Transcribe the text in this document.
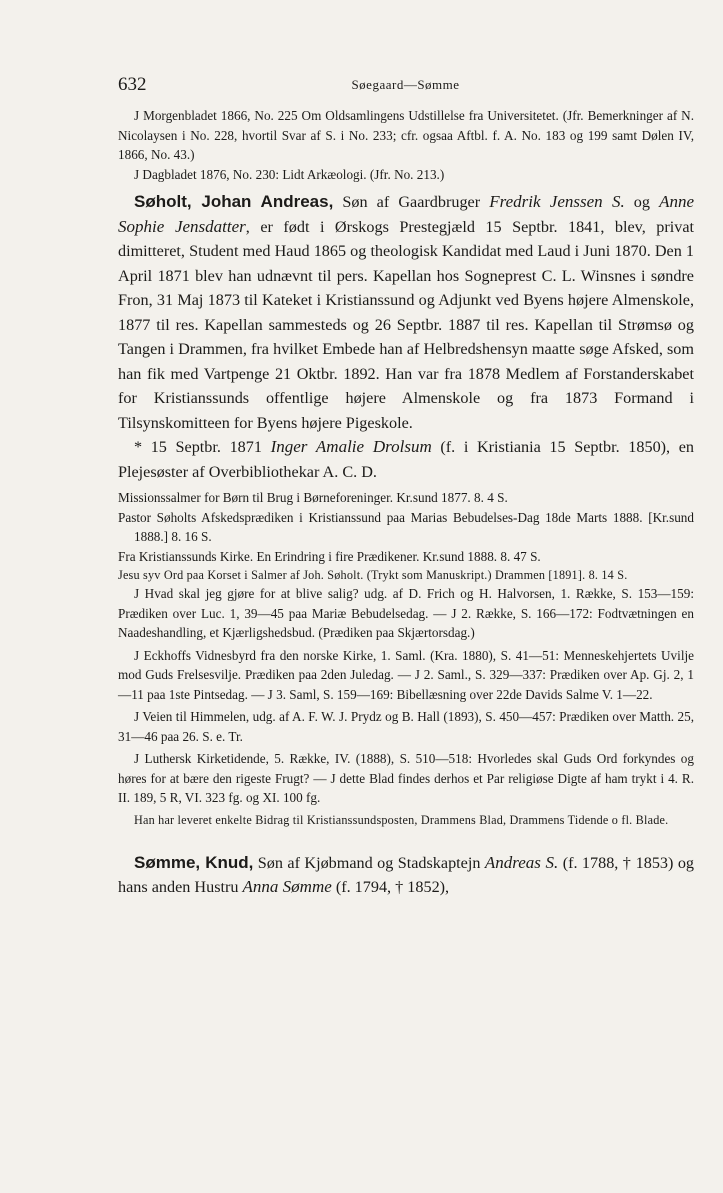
632	Søegaard—Sømme

J Morgenbladet 1866, No. 225 Om Oldsamlingens Udstillelse fra Universitetet. (Jfr. Bemerkninger af N. Nicolaysen i No. 228, hvortil Svar af S. i No. 233; cfr. ogsaa Aftbl. f. A. No. 183 og 199 samt Dølen IV, 1866, No. 43.)

J Dagbladet 1876, No. 230: Lidt Arkæologi. (Jfr. No. 213.)

Søholt, Johan Andreas, Søn af Gaardbruger Fredrik Jenssen S. og Anne Sophie Jensdatter, er født i Ørskogs Prestegjæld 15 Septbr. 1841, blev, privat dimitteret, Student med Haud 1865 og theologisk Kandidat med Laud i Juni 1870. Den 1 April 1871 blev han udnævnt til pers. Kapellan hos Sogneprest C. L. Winsnes i søndre Fron, 31 Maj 1873 til Kateket i Kristianssund og Adjunkt ved Byens højere Almenskole, 1877 til res. Kapellan sammesteds og 26 Septbr. 1887 til res. Kapellan til Strømsø og Tangen i Drammen, fra hvilket Embede han af Helbredshensyn maatte søge Afsked, som han fik med Vartpenge 21 Oktbr. 1892. Han var fra 1878 Medlem af Forstanderskabet for Kristianssunds offentlige højere Almenskole og fra 1873 Formand i Tilsynskomitteen for Byens højere Pigeskole.

* 15 Septbr. 1871 Inger Amalie Drolsum (f. i Kristiania 15 Septbr. 1850), en Plejesøster af Overbibliothekar A. C. D.

Missionssalmer for Børn til Brug i Børneforeninger. Kr.sund 1877. 8. 4 S.

Pastor Søholts Afskedsprædiken i Kristianssund paa Marias Bebudelses-Dag 18de Marts 1888. [Kr.sund 1888.] 8. 16 S.

Fra Kristianssunds Kirke. En Erindring i fire Prædikener. Kr.sund 1888. 8. 47 S.

Jesu syv Ord paa Korset i Salmer af Joh. Søholt. (Trykt som Manuskript.) Drammen [1891]. 8. 14 S.

J Hvad skal jeg gjøre for at blive salig? udg. af D. Frich og H. Halvorsen, 1. Række, S. 153—159: Prædiken over Luc. 1, 39—45 paa Mariæ Bebudelsedag. — J 2. Række, S. 166—172: Fodtvætningen en Naadeshandling, et Kjærligshedsbud. (Prædiken paa Skjærtorsdag.)

J Eckhoffs Vidnesbyrd fra den norske Kirke, 1. Saml. (Kra. 1880), S. 41—51: Menneskehjertets Uvilje mod Guds Frelsesvilje. Prædiken paa 2den Juledag. — J 2. Saml., S. 329—337: Prædiken over Ap. Gj. 2, 1—11 paa 1ste Pintsedag. — J 3. Saml, S. 159—169: Bibellæsning over 22de Davids Salme V. 1—22.

J Veien til Himmelen, udg. af A. F. W. J. Prydz og B. Hall (1893), S. 450—457: Prædiken over Matth. 25, 31—46 paa 26. S. e. Tr.

J Luthersk Kirketidende, 5. Række, IV. (1888), S. 510—518: Hvorledes skal Guds Ord forkyndes og høres for at bære den rigeste Frugt? — J dette Blad findes derhos et Par religiøse Digte af ham trykt i 4. R. II. 189, 5 R, VI. 323 fg. og XI. 100 fg.

Han har leveret enkelte Bidrag til Kristianssundsposten, Drammens Blad, Drammens Tidende o fl. Blade.

Sømme, Knud, Søn af Kjøbmand og Stadskaptejn Andreas S. (f. 1788, † 1853) og hans anden Hustru Anna Sømme (f. 1794, † 1852),
